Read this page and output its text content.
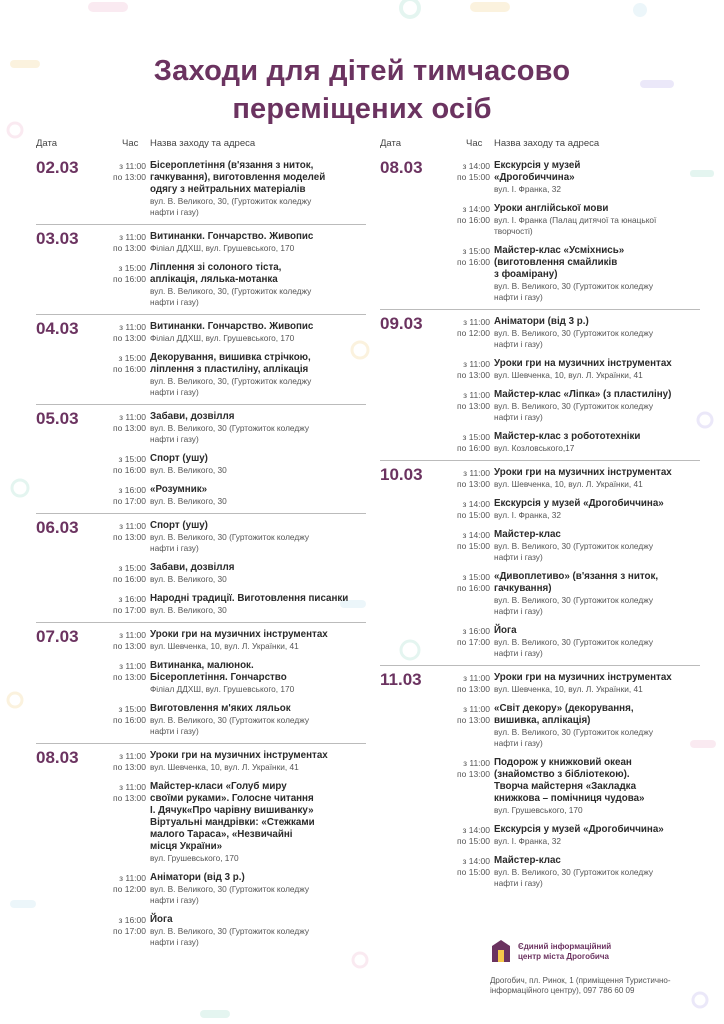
Заходи для дітей тимчасово
переміщених осіб
Дата	Час Назва заходу та адреса
02.03	з 11:00
по 13:00
Бісероплетіння (в'язання з ниток,
гачкування), виготовлення моделей
одягу з нейтральних матеріалів
вул. В. Великого, 30, (Гуртожиток коледжу
нафти і газу)
03.03	з 11:00
по 13:00
Витинанки. Гончарство. Живопис
Філіал ДДХШ, вул. Грушевського, 170
з 15:00
по 16:00
Ліплення зі солоного тіста,
аплікація, лялька-мотанка
вул. В. Великого, 30, (Гуртожиток коледжу
нафти і газу)
04.03	з 11:00
по 13:00
Витинанки. Гончарство. Живопис
Філіал ДДХШ, вул. Грушевського, 170
з 15:00
по 16:00
Декорування, вишивка стрічкою,
ліплення з пластиліну, аплікація
вул. В. Великого, 30, (Гуртожиток коледжу
нафти і газу)
05.03	з 11:00
по 13:00
Забави, дозвілля
вул. В. Великого, 30 (Гуртожиток коледжу
нафти і газу)
з 15:00
по 16:00
Спорт (ушу)
вул. В. Великого, 30
з 16:00
по 17:00
«Розумник»
вул. В. Великого, 30
06.03	з 11:00
по 13:00
Спорт (ушу)
вул. В. Великого, 30 (Гуртожиток коледжу
нафти і газу)
з 15:00
по 16:00
Забави, дозвілля
вул. В. Великого, 30
з 16:00
по 17:00
Народні традиції. Виготовлення писанки
вул. В. Великого, 30
07.03	з 11:00
по 13:00
Уроки гри на музичних інструментах
вул. Шевченка, 10, вул. Л. Українки, 41
з 11:00
по 13:00
Витинанка, малюнок.
Бісероплетіння. Гончарство
Філіал ДДХШ, вул. Грушевського, 170
з 15:00
по 16:00
Виготовлення м'яких ляльок
вул. В. Великого, 30 (Гуртожиток коледжу
нафти і газу)
08.03	з 11:00
по 13:00
Уроки гри на музичних інструментах
вул. Шевченка, 10, вул. Л. Українки, 41
з 11:00
по 13:00
Майстер-класи «Голуб миру
своїми руками». Голосне читання
І. Дячук«Про чарівну вишиванку»
Віртуальні мандрівки: «Стежками
малого Тараса», «Незвичайні
місця України»
вул. Грушевського, 170
з 11:00
по 12:00
Аніматори (від 3 р.)
вул. В. Великого, 30 (Гуртожиток коледжу
нафти і газу)
з 16:00
по 17:00
Йога
вул. В. Великого, 30 (Гуртожиток коледжу
нафти і газу)
Дата	Час Назва заходу та адреса
08.03	з 14:00
по 15:00
Екскурсія у музей
«Дрогобиччина»
вул. І. Франка, 32
з 14:00
по 16:00
Уроки англійської мови
вул. І. Франка (Палац дитячої та юнацької
творчості)
з 15:00
по 16:00
Майстер-клас «Усміхнись»
(виготовлення смайликів
з фоамірану)
вул. В. Великого, 30 (Гуртожиток коледжу
нафти і газу)
09.03	з 11:00
по 12:00
Аніматори (від 3 р.)
вул. В. Великого, 30 (Гуртожиток коледжу
нафти і газу)
з 11:00
по 13:00
Уроки гри на музичних інструментах
вул. Шевченка, 10, вул. Л. Українки, 41
з 11:00
по 13:00
Майстер-клас «Ліпка» (з пластиліну)
вул. В. Великого, 30 (Гуртожиток коледжу
нафти і газу)
з 15:00
по 16:00
Майстер-клас з робототехніки
вул. Козловського,17
10.03	з 11:00
по 13:00
Уроки гри на музичних інструментах
вул. Шевченка, 10, вул. Л. Українки, 41
з 14:00
по 15:00
Екскурсія у музей «Дрогобиччина»
вул. І. Франка, 32
з 14:00
по 15:00
Майстер-клас
вул. В. Великого, 30 (Гуртожиток коледжу
нафти і газу)
з 15:00
по 16:00
«Дивоплетиво» (в'язання з ниток,
гачкування)
вул. В. Великого, 30 (Гуртожиток коледжу
нафти і газу)
з 16:00
по 17:00
Йога
вул. В. Великого, 30 (Гуртожиток коледжу
нафти і газу)
11.03	з 11:00
по 13:00
Уроки гри на музичних інструментах
вул. Шевченка, 10, вул. Л. Українки, 41
з 11:00
по 13:00
«Світ декору» (декорування,
вишивка, аплікація)
вул. В. Великого, 30 (Гуртожиток коледжу
нафти і газу)
з 11:00
по 13:00
Подорож у книжковий океан
(знайомство з бібліотекою).
Творча майстерня «Закладка
книжкова – помічниця чудова»
вул. Грушевського, 170
з 14:00
по 15:00
Екскурсія у музей «Дрогобиччина»
вул. І. Франка, 32
з 14:00
по 15:00
Майстер-клас
вул. В. Великого, 30 (Гуртожиток коледжу
нафти і газу)
Єдиний інформаційний
центр міста Дрогобича
Дрогобич, пл. Ринок, 1 (приміщення Туристично-
інформаційного центру), 097 786 60 09
